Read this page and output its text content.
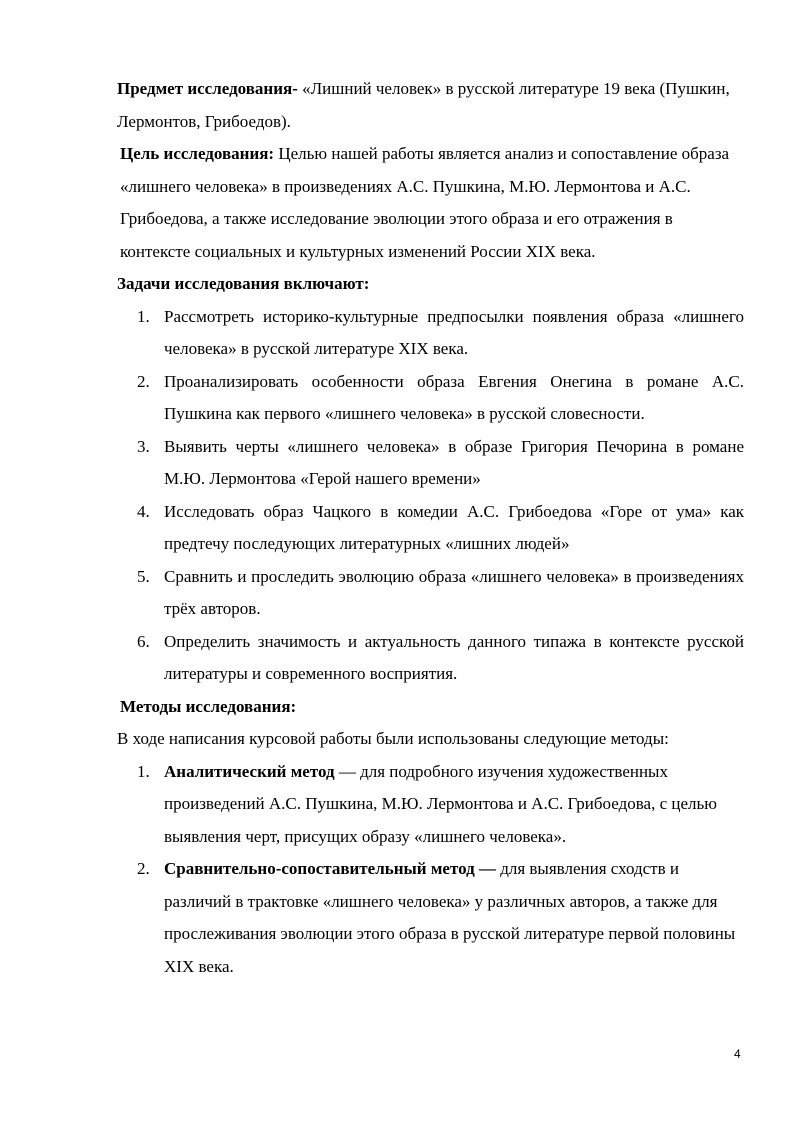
Предмет исследования- «Лишний человек» в русской литературе 19 века (Пушкин, Лермонтов, Грибоедов).

Цель исследования: Целью нашей работы является анализ и сопоставление образа «лишнего человека» в произведениях А.С. Пушкина, М.Ю. Лермонтова и А.С. Грибоедова, а также исследование эволюции этого образа и его отражения в контексте социальных и культурных изменений России XIX века.

Задачи исследования включают:

1. Рассмотреть историко-культурные предпосылки появления образа «лишнего человека» в русской литературе XIX века.

2. Проанализировать особенности образа Евгения Онегина в романе А.С. Пушкина как первого «лишнего человека» в русской словесности.

3. Выявить черты «лишнего человека» в образе Григория Печорина в романе М.Ю. Лермонтова «Герой нашего времени»

4. Исследовать образ Чацкого в комедии А.С. Грибоедова «Горе от ума» как предтечу последующих литературных «лишних людей»

5. Сравнить и проследить эволюцию образа «лишнего человека» в произведениях трёх авторов.

6. Определить значимость и актуальность данного типажа в контексте русской литературы и современного восприятия.

Методы исследования:

В ходе написания курсовой работы были использованы следующие методы:

1. Аналитический метод — для подробного изучения художественных произведений А.С. Пушкина, М.Ю. Лермонтова и А.С. Грибоедова, с целью выявления черт, присущих образу «лишнего человека».

2. Сравнительно-сопоставительный метод — для выявления сходств и различий в трактовке «лишнего человека» у различных авторов, а также для прослеживания эволюции этого образа в русской литературе первой половины XIX века.

4
